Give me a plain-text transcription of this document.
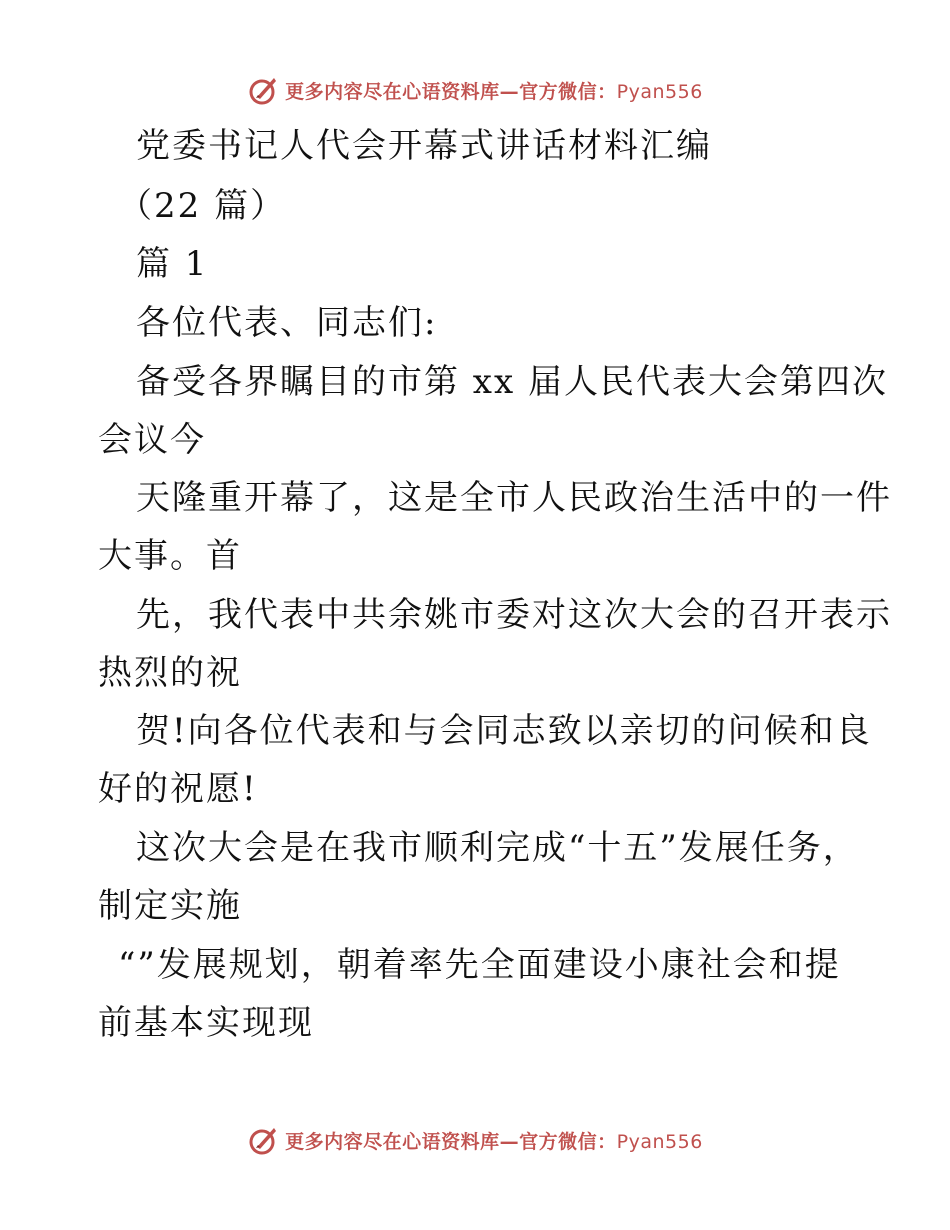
更多内容尽在心语资料库—官方微信：Pyan556
党委书记人代会开幕式讲话材料汇编
（22 篇）
篇 1
各位代表、同志们:
备受各界瞩目的市第 xx 届人民代表大会第四次
会议今
天隆重开幕了，这是全市人民政治生活中的一件
大事。首
先，我代表中共余姚市委对这次大会的召开表示
热烈的祝
贺!向各位代表和与会同志致以亲切的问候和良
好的祝愿!
这次大会是在我市顺利完成“十五”发展任务，
制定实施
“”发展规划，朝着率先全面建设小康社会和提
前基本实现现
更多内容尽在心语资料库—官方微信：Pyan556
